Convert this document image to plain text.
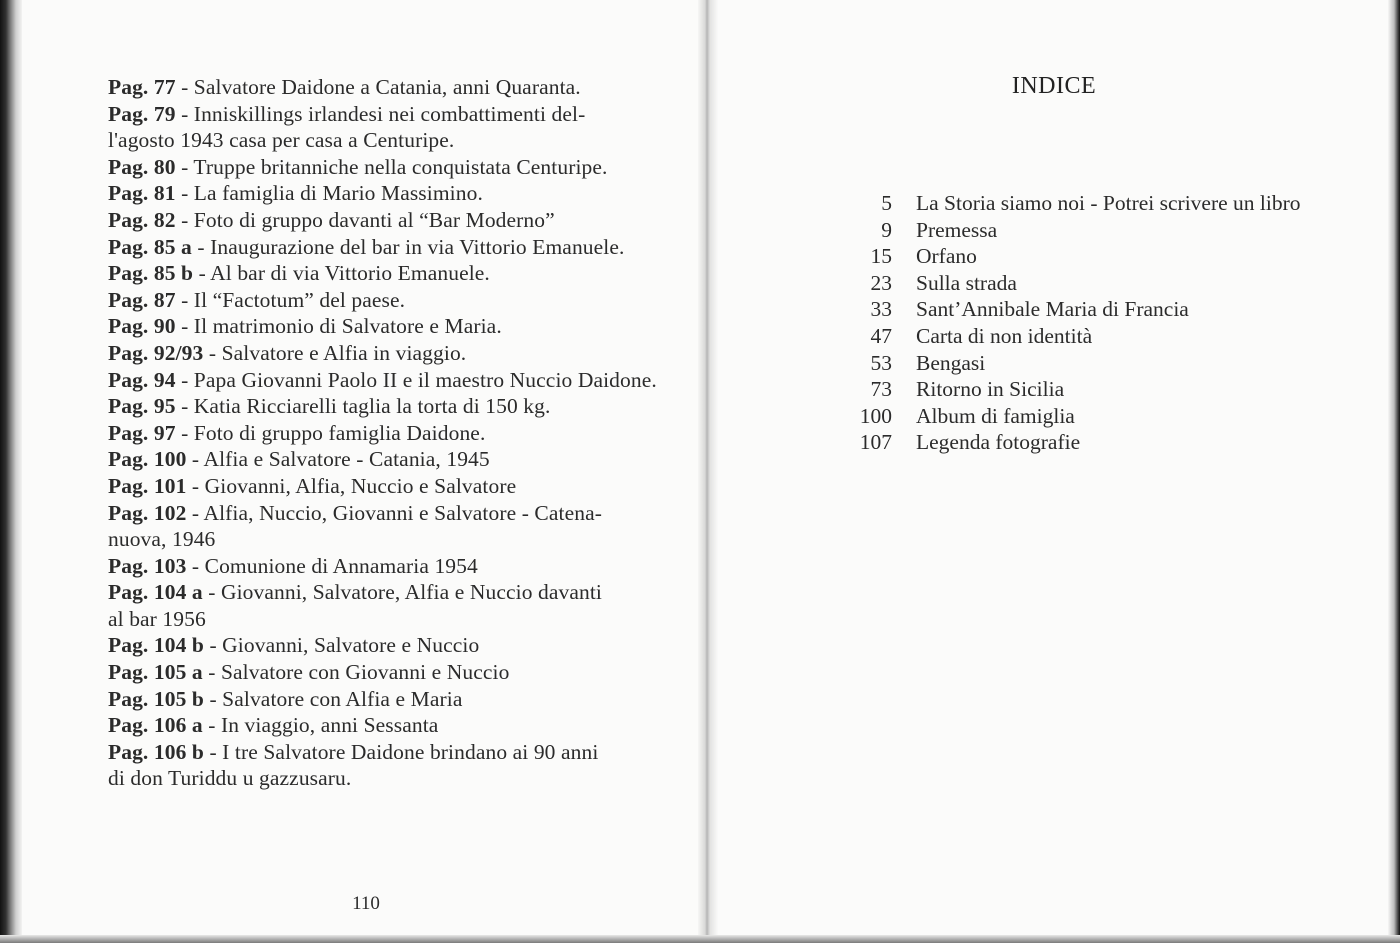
Pag. 77 - Salvatore Daidone a Catania, anni Quaranta.
Pag. 79 - Inniskillings irlandesi nei combattimenti del-
l'agosto 1943 casa per casa a Centuripe.
Pag. 80 - Truppe britanniche nella conquistata Centuripe.
Pag. 81 - La famiglia di Mario Massimino.
Pag. 82 - Foto di gruppo davanti al “Bar Moderno”
Pag. 85 a - Inaugurazione del bar in via Vittorio Emanuele.
Pag. 85 b - Al bar di via Vittorio Emanuele.
Pag. 87 - Il “Factotum” del paese.
Pag. 90 - Il matrimonio di Salvatore e Maria.
Pag. 92/93 - Salvatore e Alfia in viaggio.
Pag. 94 - Papa Giovanni Paolo II e il maestro Nuccio Daidone.
Pag. 95 - Katia Ricciarelli taglia la torta di 150 kg.
Pag. 97 - Foto di gruppo famiglia Daidone.
Pag. 100 - Alfia e Salvatore - Catania, 1945
Pag. 101 - Giovanni, Alfia, Nuccio e Salvatore
Pag. 102 - Alfia, Nuccio, Giovanni e Salvatore - Catena-
nuova, 1946
Pag. 103 - Comunione di Annamaria 1954
Pag. 104 a - Giovanni, Salvatore, Alfia e Nuccio davanti
al bar 1956
Pag. 104 b - Giovanni, Salvatore e Nuccio
Pag. 105 a - Salvatore con Giovanni e Nuccio
Pag. 105 b - Salvatore con Alfia e Maria
Pag. 106 a - In viaggio, anni Sessanta
Pag. 106 b - I tre Salvatore Daidone brindano ai 90 anni
di don Turiddu u gazzusaru.
110
INDICE
5	La Storia siamo noi - Potrei scrivere un libro
9	Premessa
15	Orfano
23	Sulla strada
33	Sant’Annibale Maria di Francia
47	Carta di non identità
53	Bengasi
73	Ritorno in Sicilia
100	Album di famiglia
107	Legenda fotografie
